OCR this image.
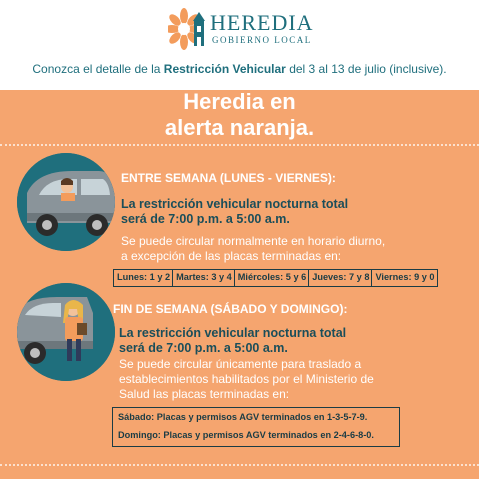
HEREDIA
GOBIERNO LOCAL
Conozca el detalle de la Restricción Vehicular del 3 al 13 de julio (inclusive).
Heredia en
alerta naranja.
ENTRE SEMANA (LUNES - VIERNES):
La restricción vehicular nocturna total
será de 7:00 p.m. a 5:00 a.m.
Se puede circular normalmente en horario diurno,
a excepción de las placas terminadas en:
Lunes: 1 y 2 Martes: 3 y 4 Miércoles: 5 y 6 Jueves: 7 y 8 Viernes: 9 y 0
FIN DE SEMANA (SÁBADO Y DOMINGO):
La restricción vehicular nocturna total
será de 7:00 p.m. a 5:00 a.m.
Se puede circular únicamente para traslado a
establecimientos habilitados por el Ministerio de
Salud las placas terminadas en:
Sábado: Placas y permisos AGV terminados en 1-3-5-7-9.
Domingo: Placas y permisos AGV terminados en 2-4-6-8-0.
